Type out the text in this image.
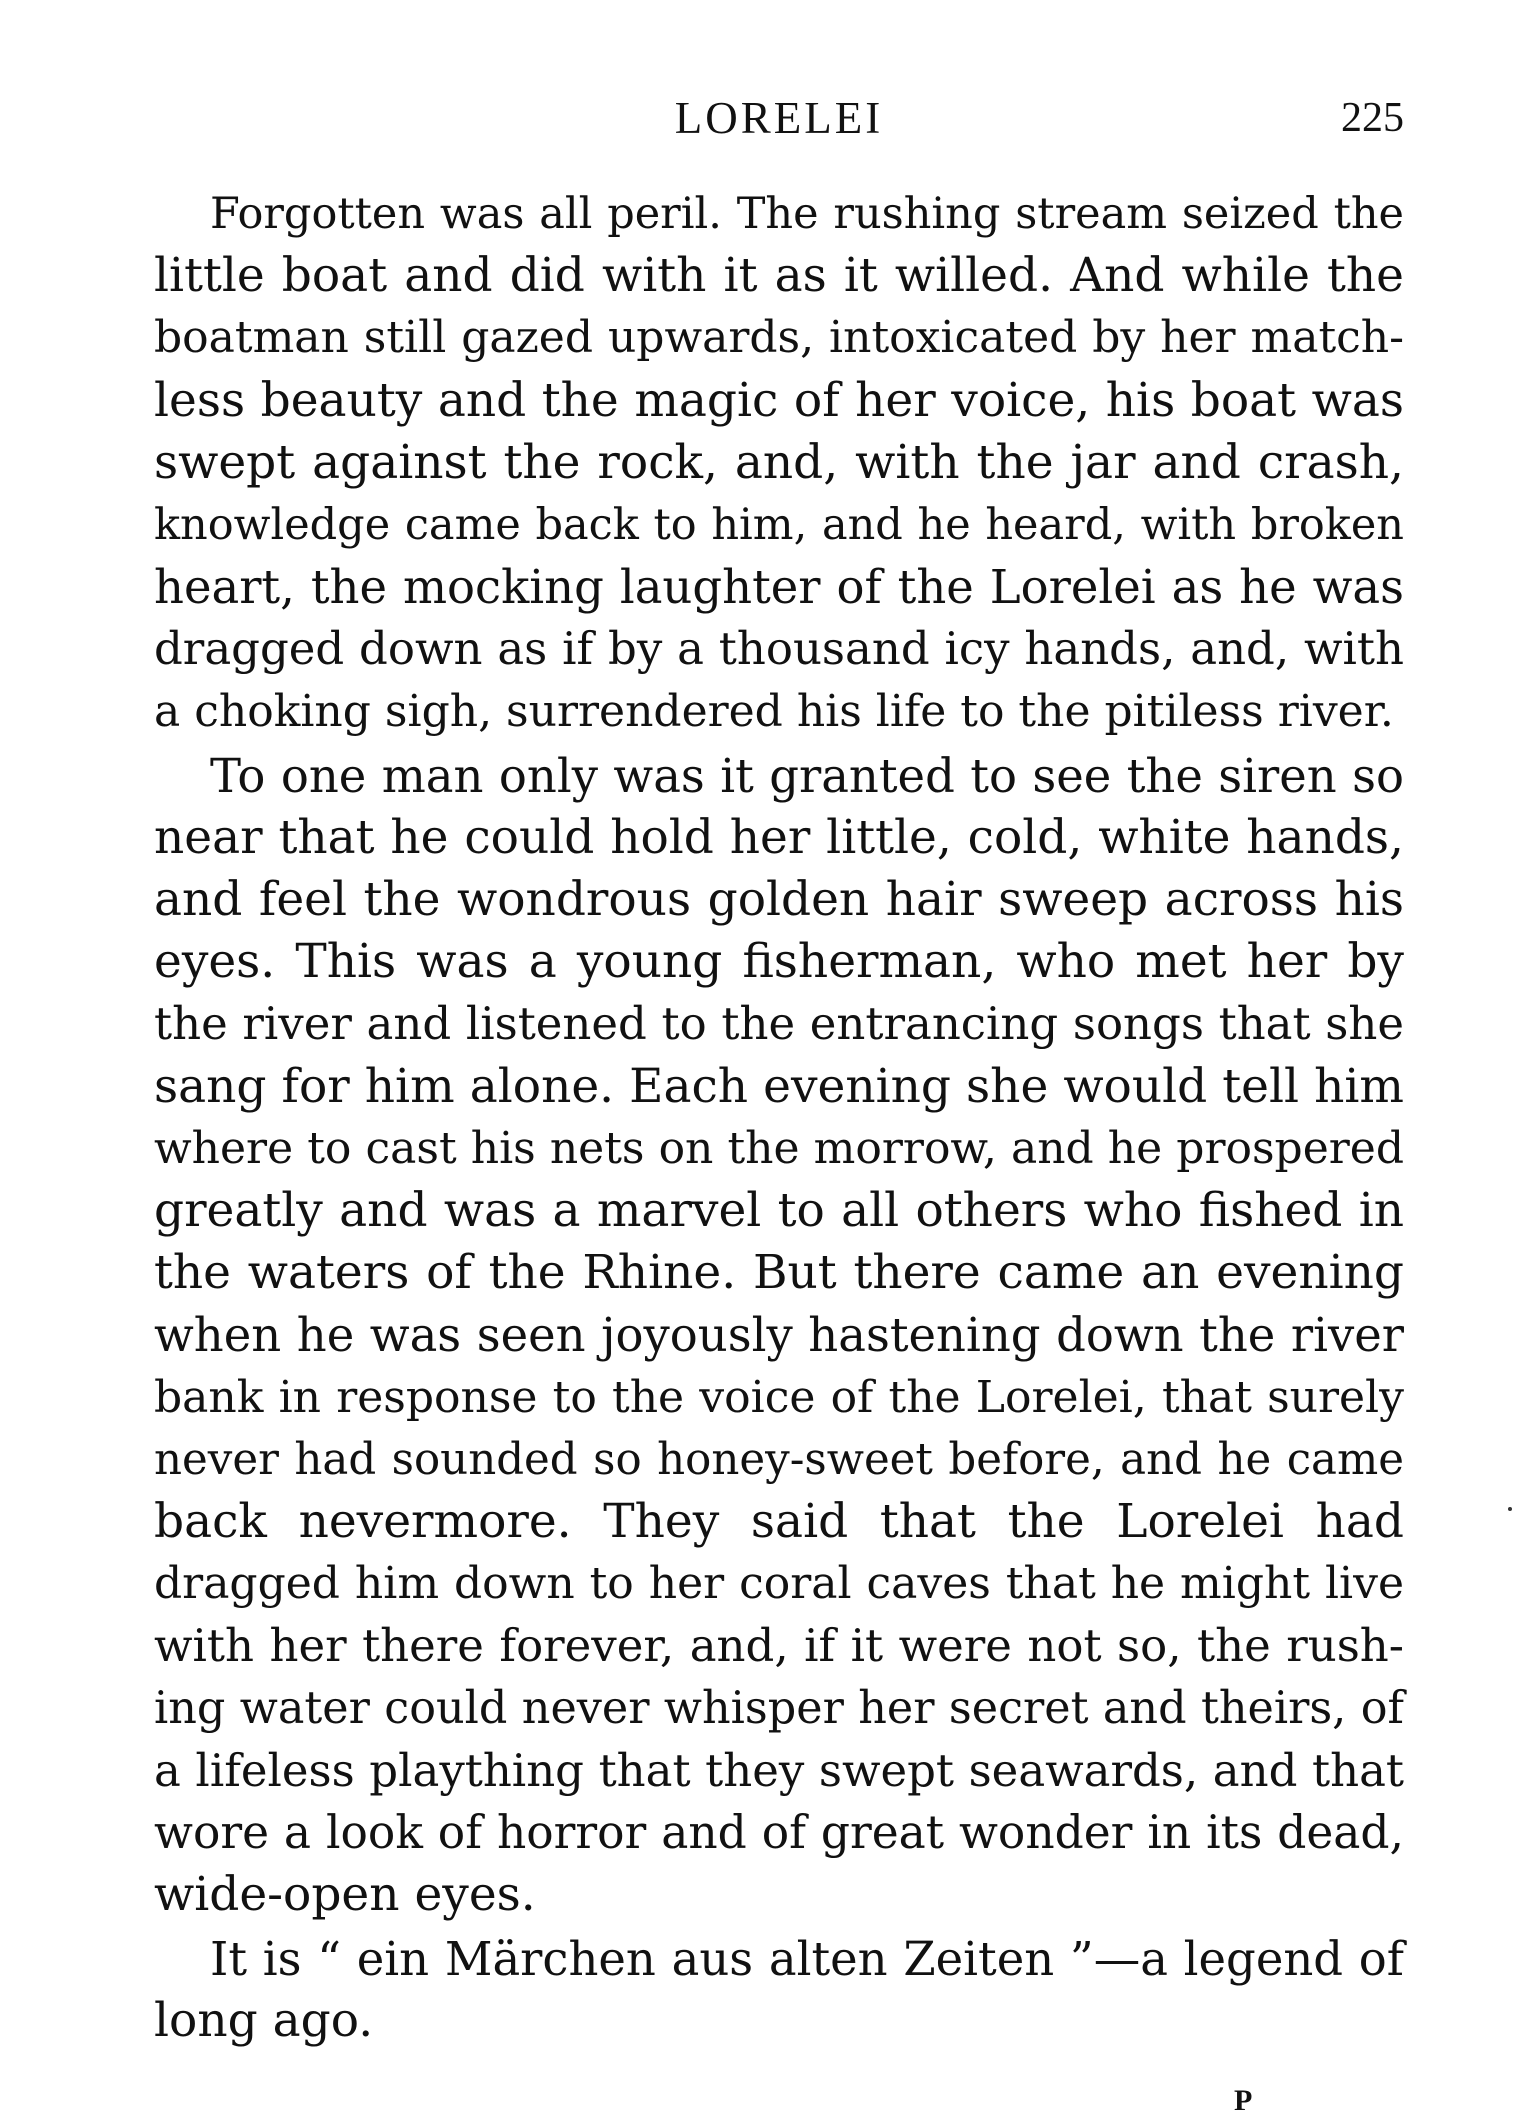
LORELEI	225
Forgotten was all peril. The rushing stream seized the
little boat and did with it as it willed. And while the
boatman still gazed upwards, intoxicated by her match-
less beauty and the magic of her voice, his boat was
swept against the rock, and, with the jar and crash,
knowledge came back to him, and he heard, with broken
heart, the mocking laughter of the Lorelei as he was
dragged down as if by a thousand icy hands, and, with
a choking sigh, surrendered his life to the pitiless river.
To one man only was it granted to see the siren so
near that he could hold her little, cold, white hands,
and feel the wondrous golden hair sweep across his
eyes. This was a young fisherman, who met her by
the river and listened to the entrancing songs that she
sang for him alone. Each evening she would tell him
where to cast his nets on the morrow, and he prospered
greatly and was a marvel to all others who fished in
the waters of the Rhine. But there came an evening
when he was seen joyously hastening down the river
bank in response to the voice of the Lorelei, that surely
never had sounded so honey-sweet before, and he came
back nevermore. They said that the Lorelei had
dragged him down to her coral caves that he might live
with her there forever, and, if it were not so, the rush-
ing water could never whisper her secret and theirs, of
a lifeless plaything that they swept seawards, and that
wore a look of horror and of great wonder in its dead,
wide-open eyes.
It is “ ein Märchen aus alten Zeiten ”—a legend of
long ago.
P
